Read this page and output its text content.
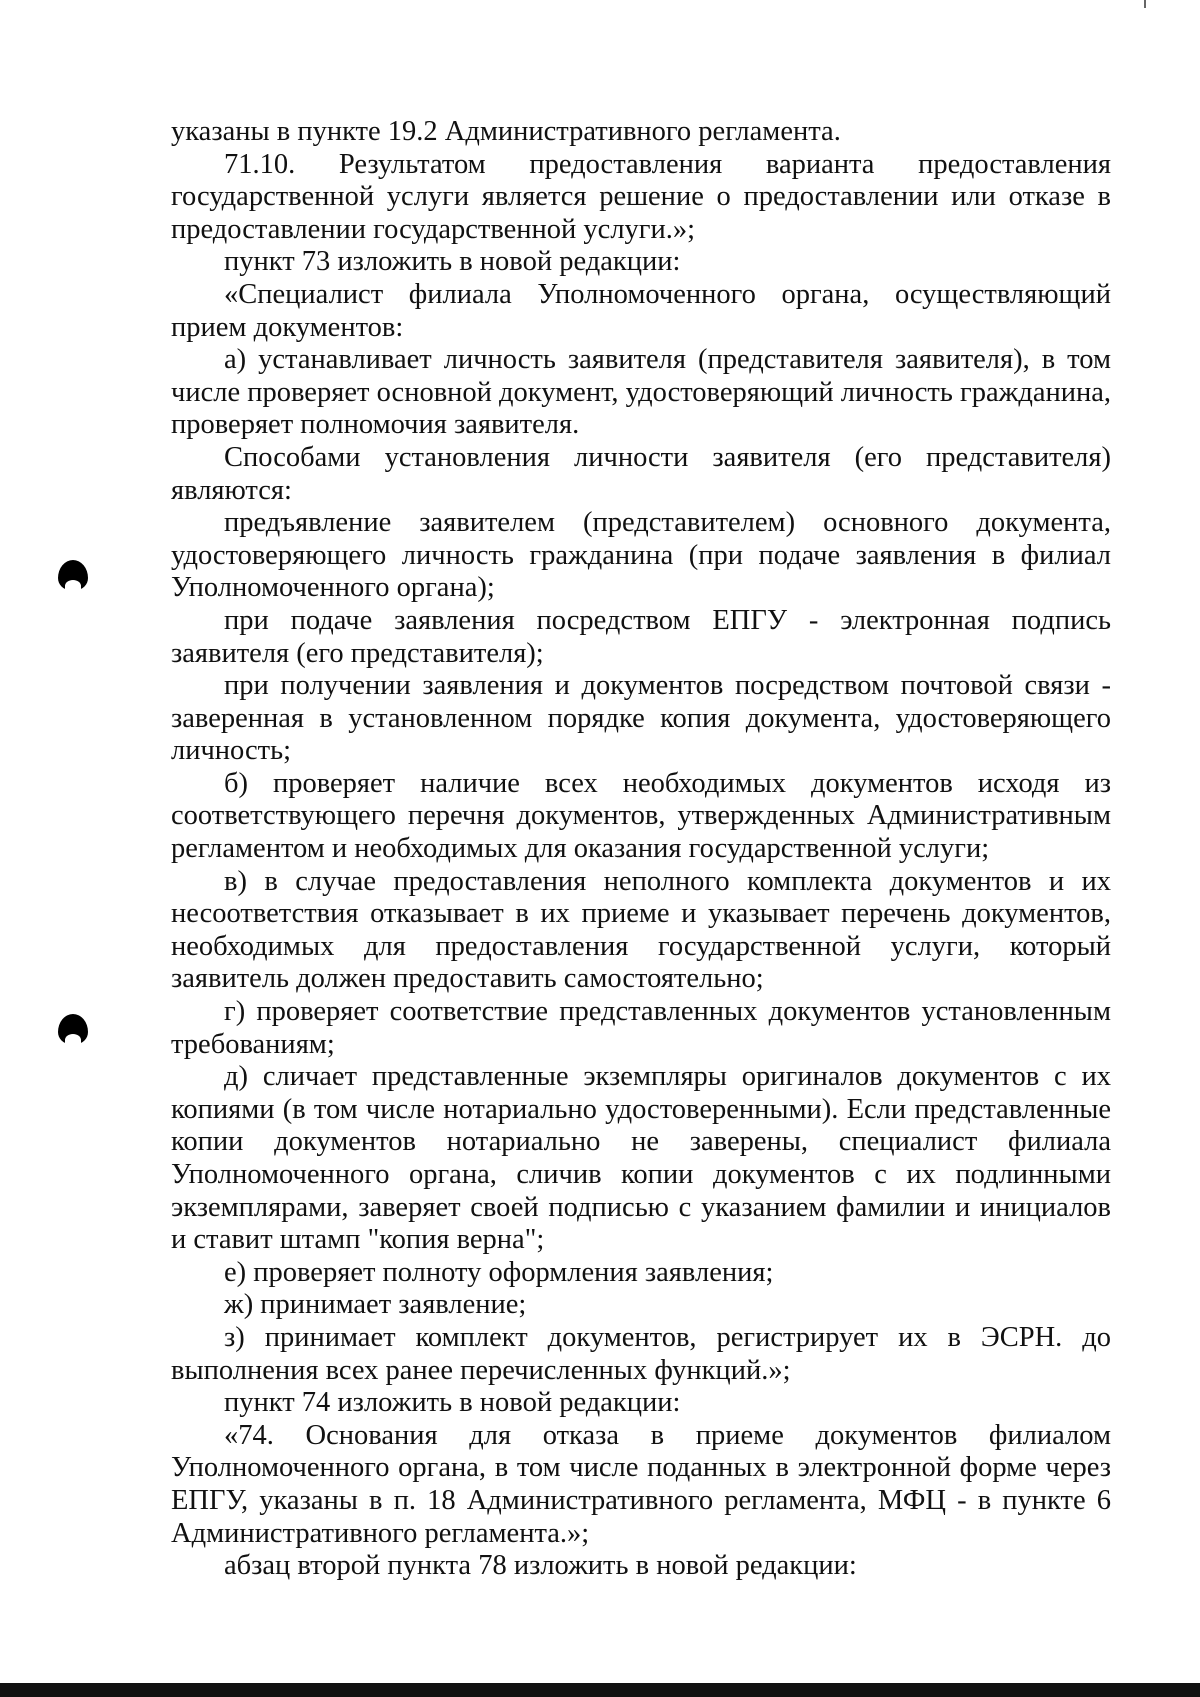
указаны в пункте 19.2 Административного регламента.

71.10. Результатом предоставления варианта предоставления государственной услуги является решение о предоставлении или отказе в предоставлении государственной услуги.»;

пункт 73 изложить в новой редакции:

«Специалист филиала Уполномоченного органа, осуществляющий прием документов:

а) устанавливает личность заявителя (представителя заявителя), в том числе проверяет основной документ, удостоверяющий личность гражданина, проверяет полномочия заявителя.

Способами установления личности заявителя (его представителя) являются:

предъявление заявителем (представителем) основного документа, удостоверяющего личность гражданина (при подаче заявления в филиал Уполномоченного органа);

при подаче заявления посредством ЕПГУ - электронная подпись заявителя (его представителя);

при получении заявления и документов посредством почтовой связи - заверенная в установленном порядке копия документа, удостоверяющего личность;

б) проверяет наличие всех необходимых документов исходя из соответствующего перечня документов, утвержденных Административным регламентом и необходимых для оказания государственной услуги;

в) в случае предоставления неполного комплекта документов и их несоответствия отказывает в их приеме и указывает перечень документов, необходимых для предоставления государственной услуги, который заявитель должен предоставить самостоятельно;

г) проверяет соответствие представленных документов установленным требованиям;

д) сличает представленные экземпляры оригиналов документов с их копиями (в том числе нотариально удостоверенными). Если представленные копии документов нотариально не заверены, специалист филиала Уполномоченного органа, сличив копии документов с их подлинными экземплярами, заверяет своей подписью с указанием фамилии и инициалов и ставит штамп "копия верна";

е) проверяет полноту оформления заявления;

ж) принимает заявление;

з) принимает комплект документов, регистрирует их в ЭСРН. до выполнения всех ранее перечисленных функций.»;

пункт 74 изложить в новой редакции:

«74. Основания для отказа в приеме документов филиалом Уполномоченного органа, в том числе поданных в электронной форме через ЕПГУ, указаны в п. 18 Административного регламента, МФЦ - в пункте 6 Административного регламента.»;

абзац второй пункта 78 изложить в новой редакции:
